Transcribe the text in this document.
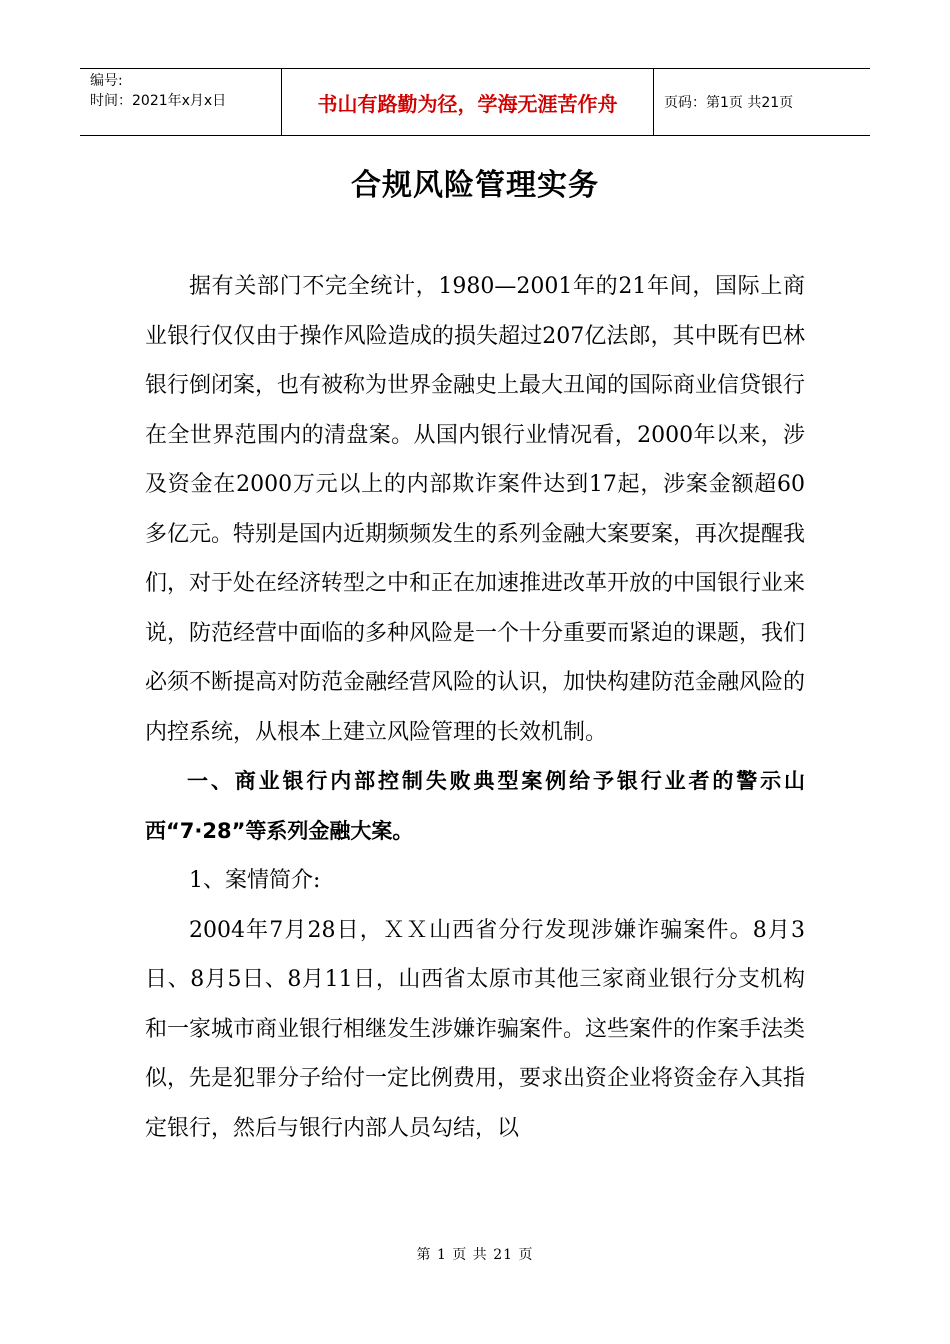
编号:
时间：2021年x月x日	书山有路勤为径，学海无涯苦作舟	页码：第1页 共21页
合规风险管理实务

据有关部门不完全统计，1980—2001年的21年间，国际上商业银行仅仅由于操作风险造成的损失超过207亿法郎，其中既有巴林银行倒闭案，也有被称为世界金融史上最大丑闻的国际商业信贷银行在全世界范围内的清盘案。从国内银行业情况看，2000年以来，涉及资金在2000万元以上的内部欺诈案件达到17起，涉案金额超60多亿元。特别是国内近期频频发生的系列金融大案要案，再次提醒我们，对于处在经济转型之中和正在加速推进改革开放的中国银行业来说，防范经营中面临的多种风险是一个十分重要而紧迫的课题，我们必须不断提高对防范金融经营风险的认识，加快构建防范金融风险的内控系统，从根本上建立风险管理的长效机制。

一、商业银行内部控制失败典型案例给予银行业者的警示山西“7·28”等系列金融大案。

1、案情简介:

2004年7月28日，ＸＸ山西省分行发现涉嫌诈骗案件。8月3日、8月5日、8月11日，山西省太原市其他三家商业银行分支机构和一家城市商业银行相继发生涉嫌诈骗案件。这些案件的作案手法类似，先是犯罪分子给付一定比例费用，要求出资企业将资金存入其指定银行，然后与银行内部人员勾结，以

第 1 页 共 21 页
